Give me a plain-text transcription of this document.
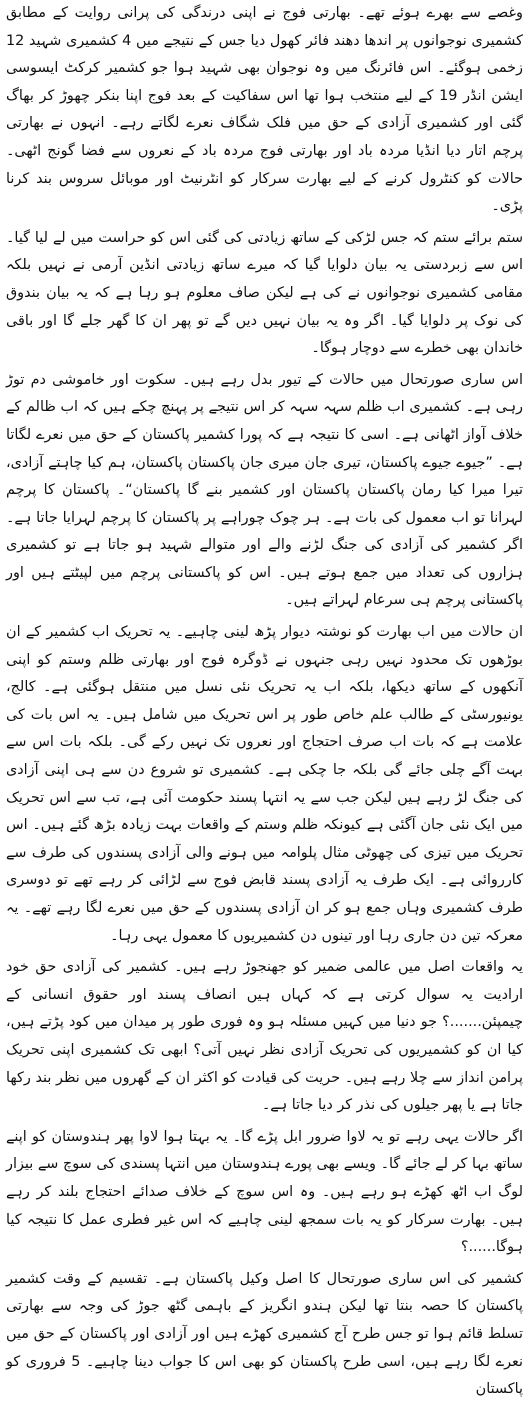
وغصے سے بھرے ہوئے تھے۔ بھارتی فوج نے اپنی درندگی کی پرانی روایت کے مطابق کشمیری نوجوانوں پر اندھا دھند فائر کھول دیا جس کے نتیجے میں 4 کشمیری شہید 12 زخمی ہوگئے۔ اس فائرنگ میں وہ نوجوان بھی شہید ہوا جو کشمیر کرکٹ ایسوسی ایشن انڈر 19 کے لیے منتخب ہوا تھا اس سفاکیت کے بعد فوج اپنا بنکر چھوڑ کر بھاگ گئی اور کشمیری آزادی کے حق میں فلک شگاف نعرے لگاتے رہے۔ انہوں نے بھارتی پرچم اتار دیا انڈیا مردہ باد اور بھارتی فوج مردہ باد کے نعروں سے فضا گونج اٹھی۔ حالات کو کنٹرول کرنے کے لیے بھارت سرکار کو انٹرنیٹ اور موبائل سروس بند کرنا پڑی۔

ستم برائے ستم کہ جس لڑکی کے ساتھ زیادتی کی گئی اس کو حراست میں لے لیا گیا۔ اس سے زبردستی یہ بیان دلوایا گیا کہ میرے ساتھ زیادتی انڈین آرمی نے نہیں بلکہ مقامی کشمیری نوجوانوں نے کی ہے لیکن صاف معلوم ہو رہا ہے کہ یہ بیان بندوق کی نوک پر دلوایا گیا۔ اگر وہ یہ بیان نہیں دیں گے تو پھر ان کا گھر جلے گا اور باقی خاندان بھی خطرے سے دوچار ہوگا۔

اس ساری صورتحال میں حالات کے تیور بدل رہے ہیں۔ سکوت اور خاموشی دم توڑ رہی ہے۔ کشمیری اب ظلم سہہ سہہ کر اس نتیجے پر پہنچ چکے ہیں کہ اب ظالم کے خلاف آواز اٹھانی ہے۔ اسی کا نتیجہ ہے کہ پورا کشمیر پاکستان کے حق میں نعرے لگاتا ہے۔ ”جیوے جیوے پاکستان، تیری جان میری جان پاکستان پاکستان، ہم کیا چاہتے آزادی، تیرا میرا کیا رمان پاکستان پاکستان اور کشمیر بنے گا پاکستان“۔ پاکستان کا پرچم لہرانا تو اب معمول کی بات ہے۔ ہر چوک چوراہے پر پاکستان کا پرچم لہرایا جاتا ہے۔ اگر کشمیر کی آزادی کی جنگ لڑنے والے اور متوالے شہید ہو جاتا ہے تو کشمیری ہزاروں کی تعداد میں جمع ہوتے ہیں۔ اس کو پاکستانی پرچم میں لپیٹتے ہیں اور پاکستانی پرچم ہی سرعام لہراتے ہیں۔

ان حالات میں اب بھارت کو نوشتہ دیوار پڑھ لینی چاہیے۔ یہ تحریک اب کشمیر کے ان بوڑھوں تک محدود نہیں رہی جنہوں نے ڈوگرہ فوج اور بھارتی ظلم وستم کو اپنی آنکھوں کے ساتھ دیکھا، بلکہ اب یہ تحریک نئی نسل میں منتقل ہوگئی ہے۔ کالج، یونیورسٹی کے طالب علم خاص طور پر اس تحریک میں شامل ہیں۔ یہ اس بات کی علامت ہے کہ بات اب صرف احتجاج اور نعروں تک نہیں رکے گی۔ بلکہ بات اس سے بہت آگے چلی جائے گی بلکہ جا چکی ہے۔ کشمیری تو شروع دن سے ہی اپنی آزادی کی جنگ لڑ رہے ہیں لیکن جب سے یہ انتہا پسند حکومت آئی ہے، تب سے اس تحریک میں ایک نئی جان آگئی ہے کیونکہ ظلم وستم کے واقعات بہت زیادہ بڑھ گئے ہیں۔ اس تحریک میں تیزی کی چھوٹی مثال پلوامہ میں ہونے والی آزادی پسندوں کی طرف سے کارروائی ہے۔ ایک طرف یہ آزادی پسند قابض فوج سے لڑائی کر رہے تھے تو دوسری طرف کشمیری وہاں جمع ہو کر ان آزادی پسندوں کے حق میں نعرے لگا رہے تھے۔ یہ معرکہ تین دن جاری رہا اور تینوں دن کشمیریوں کا معمول یہی رہا۔

یہ واقعات اصل میں عالمی ضمیر کو جھنجوڑ رہے ہیں۔ کشمیر کی آزادی حق خود ارادیت یہ سوال کرتی ہے کہ کہاں ہیں انصاف پسند اور حقوق انسانی کے چیمپئن.......؟ جو دنیا میں کہیں مسئلہ ہو وہ فوری طور پر میدان میں کود پڑتے ہیں، کیا ان کو کشمیریوں کی تحریک آزادی نظر نہیں آتی؟ ابھی تک کشمیری اپنی تحریک پرامن انداز سے چلا رہے ہیں۔ حریت کی قیادت کو اکثر ان کے گھروں میں نظر بند رکھا جاتا ہے یا پھر جیلوں کی نذر کر دیا جاتا ہے۔

اگر حالات یہی رہے تو یہ لاوا ضرور ابل پڑے گا۔ یہ بہتا ہوا لاوا پھر ہندوستان کو اپنے ساتھ بہا کر لے جائے گا۔ ویسے بھی پورے ہندوستان میں انتہا پسندی کی سوچ سے بیزار لوگ اب اٹھ کھڑے ہو رہے ہیں۔ وہ اس سوچ کے خلاف صدائے احتجاج بلند کر رہے ہیں۔ بھارت سرکار کو یہ بات سمجھ لینی چاہیے کہ اس غیر فطری عمل کا نتیجہ کیا ہوگا......؟

کشمیر کی اس ساری صورتحال کا اصل وکیل پاکستان ہے۔ تقسیم کے وقت کشمیر پاکستان کا حصہ بنتا تھا لیکن ہندو انگریز کے باہمی گٹھ جوڑ کی وجہ سے بھارتی تسلط قائم ہوا تو جس طرح آج کشمیری کھڑے ہیں اور آزادی اور پاکستان کے حق میں نعرے لگا رہے ہیں، اسی طرح پاکستان کو بھی اس کا جواب دینا چاہیے۔ 5 فروری کو پاکستان
